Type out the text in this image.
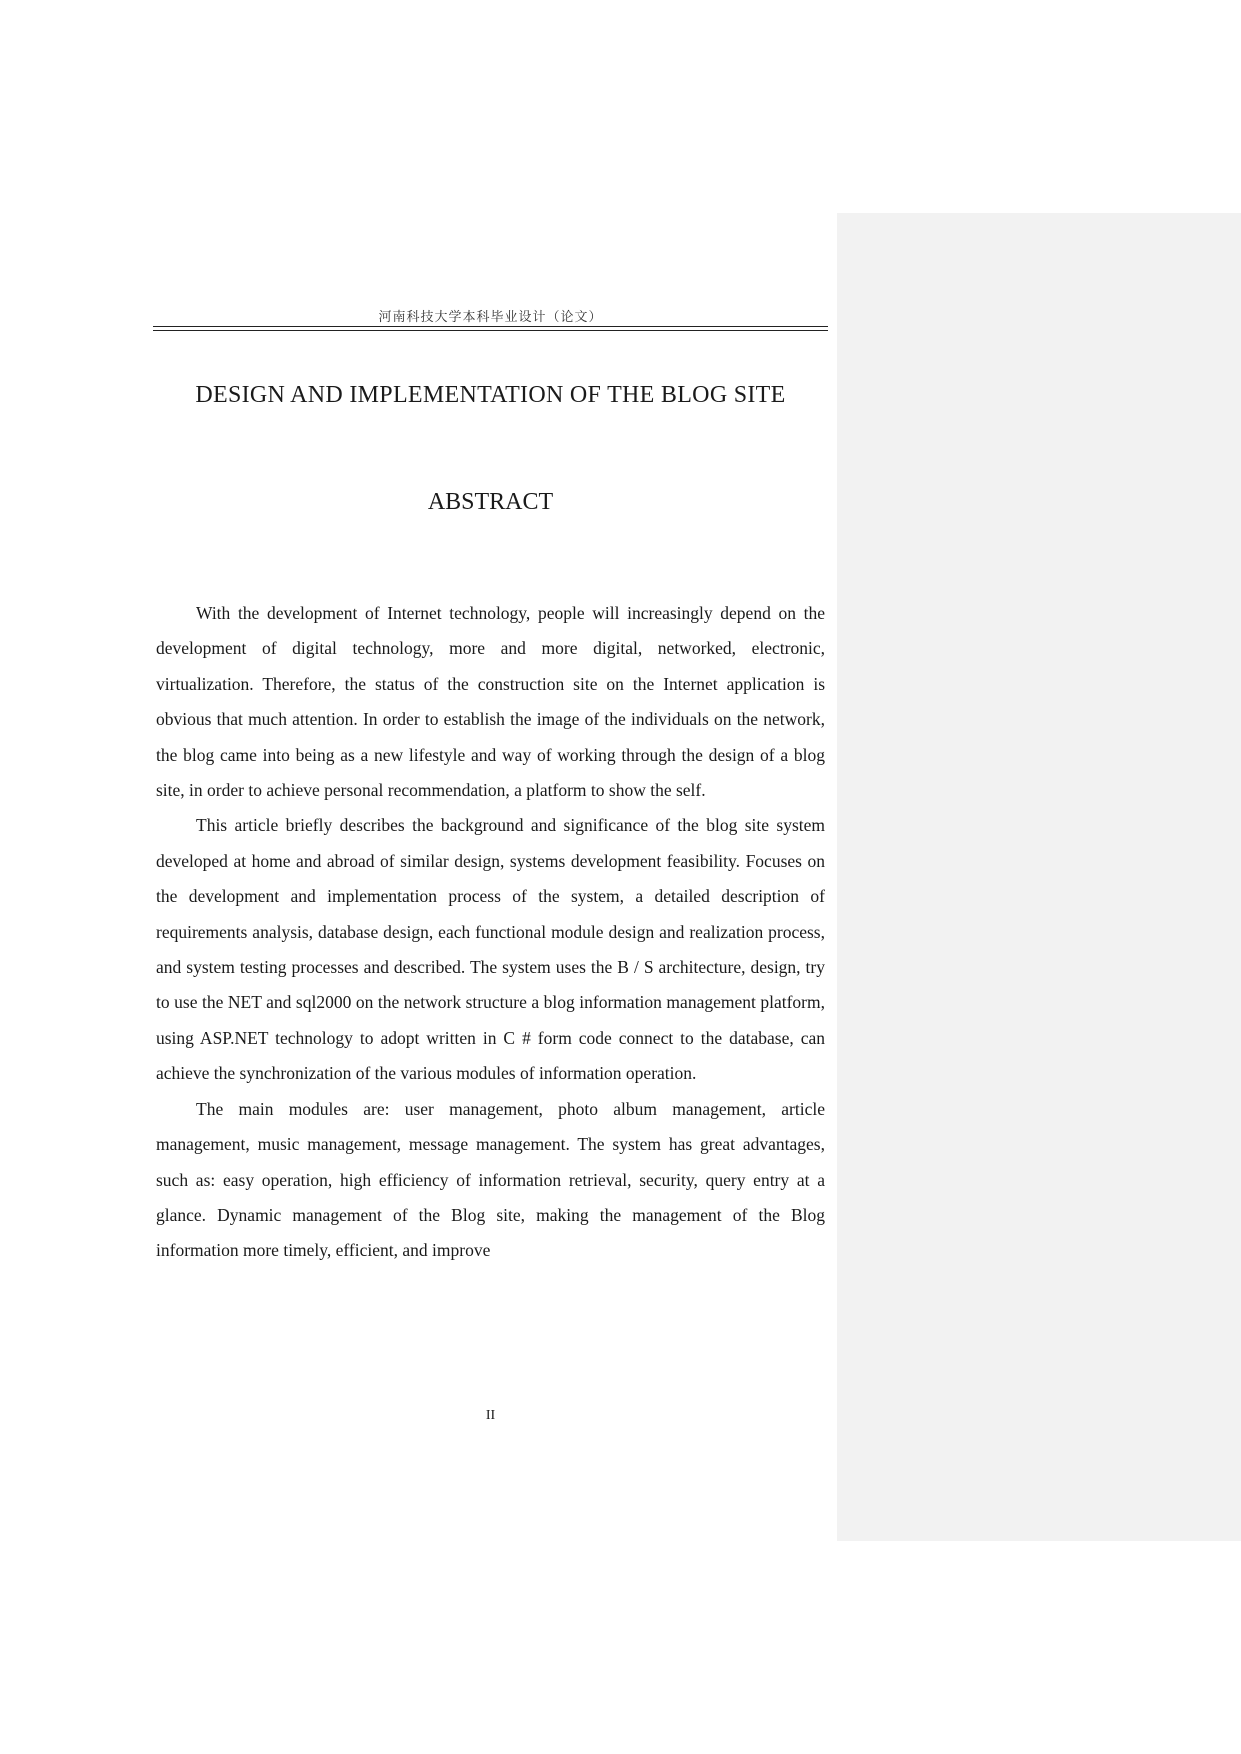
河南科技大学本科毕业设计（论文）
DESIGN AND IMPLEMENTATION OF THE BLOG SITE
ABSTRACT

With the development of Internet technology, people will increasingly depend on the development of digital technology, more and more digital, networked, electronic, virtualization. Therefore, the status of the construction site on the Internet application is obvious that much attention. In order to establish the image of the individuals on the network, the blog came into being as a new lifestyle and way of working through the design of a blog site, in order to achieve personal recommendation, a platform to show the self.

This article briefly describes the background and significance of the blog site system developed at home and abroad of similar design, systems development feasibility. Focuses on the development and implementation process of the system, a detailed description of requirements analysis, database design, each functional module design and realization process, and system testing processes and described. The system uses the B / S architecture, design, try to use the NET and sql2000 on the network structure a blog information management platform, using ASP.NET technology to adopt written in C # form code connect to the database, can achieve the synchronization of the various modules of information operation.

The main modules are: user management, photo album management, article management, music management, message management. The system has great advantages, such as: easy operation, high efficiency of information retrieval, security, query entry at a glance. Dynamic management of the Blog site, making the management of the Blog information more timely, efficient, and improve

II
